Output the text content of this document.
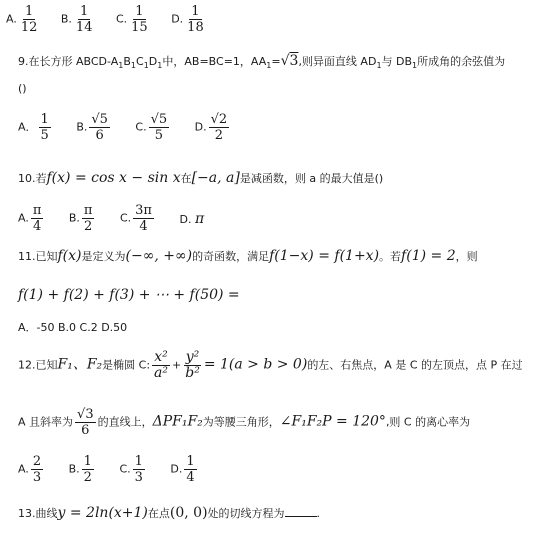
A. $\frac{1}{12} B$. $\frac{1}{14} C$. $\frac{1}{15} D$. $\frac{1}{18}$
9.在长方形 ABCD-$A_1B_1C_1D_1$中，AB=BC=1，$AA_1=√3$,则异面直线 $AD_1$与 $DB_1$所成角的余弦值为
()
A． $\frac{1}{5} B$. $\frac{√5}{6} C$. $\frac{√5}{5} D$. $\frac{√2}{2}$
10.若f(x) = cos x − sin x在[−a, a]是减函数，则 a 的最大值是()
A. $\frac{\pi}{4} B$. $\frac{\pi}{2} C$. $\frac{3\pi}{4} D$. π
11.已知f(x)是定义为(−∞, +∞)的奇函数，满足f(1−x) = f(1+x)。若f(1) = 2，则
f(1) + f(2) + f(3) + ⋯ + f(50) =
A．-50 B.0 C.2 D.50
12.已知F₁、F₂是椭圆 C: $\frac{\text{x²}}{\text{a²}} + \frac{\text{y²}}{\text{b²}} = 1(a > b > 0)$的左、右焦点，A 是 C 的左顶点，点 P 在过
A 且斜率为 $\frac{√3}{6}$ 的直线上，ΔPF₁F₂为等腰三角形，∠F₁F₂P = 120°,则 C 的离心率为
A. $\frac{2}{3} B$. $\frac{1}{2} C$. $\frac{1}{3} D$. $\frac{1}{4}$
13.曲线y = 2ln(x+1)在点(0, 0)处的切线方程为	.
